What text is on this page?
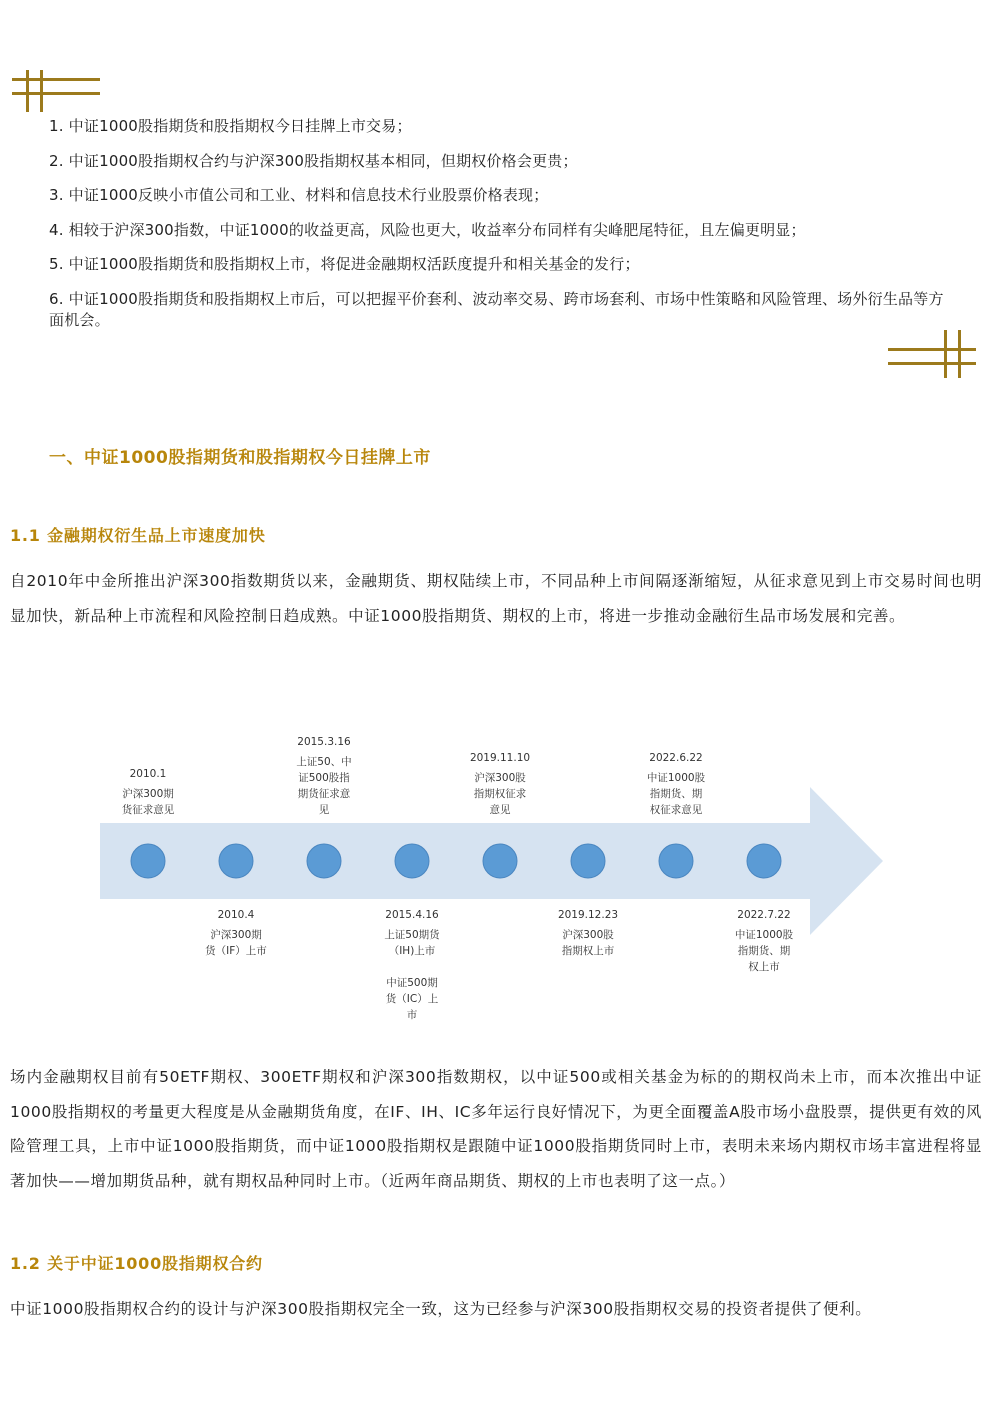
1. 中证1000股指期货和股指期权今日挂牌上市交易；
2. 中证1000股指期权合约与沪深300股指期权基本相同，但期权价格会更贵；
3. 中证1000反映小市值公司和工业、材料和信息技术行业股票价格表现；
4. 相较于沪深300指数，中证1000的收益更高，风险也更大，收益率分布同样有尖峰肥尾特征，且左偏更明显；
5. 中证1000股指期货和股指期权上市，将促进金融期权活跃度提升和相关基金的发行；
6. 中证1000股指期货和股指期权上市后，可以把握平价套利、波动率交易、跨市场套利、市场中性策略和风险管理、场外衍生品等方面机会。
一、中证1000股指期货和股指期权今日挂牌上市
1.1 金融期权衍生品上市速度加快

自2010年中金所推出沪深300指数期货以来，金融期货、期权陆续上市，不同品种上市间隔逐渐缩短，从征求意见到上市交易时间也明显加快，新品种上市流程和风险控制日趋成熟。中证1000股指期货、期权的上市，将进一步推动金融衍生品市场发展和完善。

2010.1
沪深300期
货征求意见
2015.3.16
上证50、中
证500股指
期货征求意
见
2019.11.10
沪深300股
指期权征求
意见
2022.6.22
中证1000股
指期货、期
权征求意见
2010.4
沪深300期
货（IF）上市
2015.4.16
上证50期货
（IH)上市
中证500期
货（IC）上
市
2019.12.23
沪深300股
指期权上市
2022.7.22
中证1000股
指期货、期
权上市

场内金融期权目前有50ETF期权、300ETF期权和沪深300指数期权，以中证500或相关基金为标的的期权尚未上市，而本次推出中证1000股指期权的考量更大程度是从金融期货角度，在IF、IH、IC多年运行良好情况下，为更全面覆盖A股市场小盘股票，提供更有效的风险管理工具，上市中证1000股指期货，而中证1000股指期权是跟随中证1000股指期货同时上市，表明未来场内期权市场丰富进程将显著加快——增加期货品种，就有期权品种同时上市。（近两年商品期货、期权的上市也表明了这一点。）

1.2 关于中证1000股指期权合约

中证1000股指期权合约的设计与沪深300股指期权完全一致，这为已经参与沪深300股指期权交易的投资者提供了便利。
